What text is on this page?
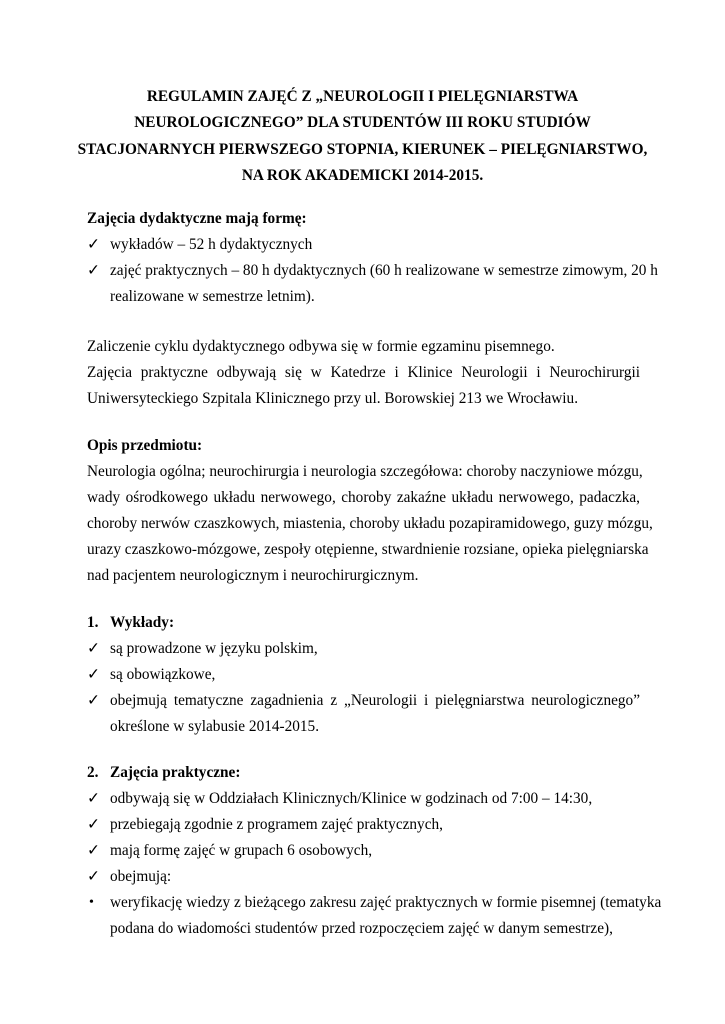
REGULAMIN ZAJĘĆ Z „NEUROLOGII I PIELĘGNIARSTWA
NEUROLOGICZNEGO” DLA STUDENTÓW III ROKU STUDIÓW
STACJONARNYCH PIERWSZEGO STOPNIA, KIERUNEK – PIELĘGNIARSTWO,
NA ROK AKADEMICKI 2014-2015.
Zajęcia dydaktyczne mają formę:
✓ wykładów – 52 h dydaktycznych
✓ zajęć praktycznych – 80 h dydaktycznych (60 h realizowane w semestrze zimowym, 20 h
realizowane w semestrze letnim).
Zaliczenie cyklu dydaktycznego odbywa się w formie egzaminu pisemnego.
Zajęcia praktyczne odbywają się w Katedrze i Klinice Neurologii i Neurochirurgii
Uniwersyteckiego Szpitala Klinicznego przy ul. Borowskiej 213 we Wrocławiu.
Opis przedmiotu:
Neurologia ogólna; neurochirurgia i neurologia szczegółowa: choroby naczyniowe mózgu,
wady ośrodkowego układu nerwowego, choroby zakaźne układu nerwowego, padaczka,
choroby nerwów czaszkowych, miastenia, choroby układu pozapiramidowego, guzy mózgu,
urazy czaszkowo-mózgowe, zespoły otępienne, stwardnienie rozsiane, opieka pielęgniarska
nad pacjentem neurologicznym i neurochirurgicznym.
1. Wykłady:
✓ są prowadzone w języku polskim,
✓ są obowiązkowe,
✓ obejmują tematyczne zagadnienia z „Neurologii i pielęgniarstwa neurologicznego”
określone w sylabusie 2014-2015.
2. Zajęcia praktyczne:
✓ odbywają się w Oddziałach Klinicznych/Klinice w godzinach od 7:00 – 14:30,
✓ przebiegają zgodnie z programem zajęć praktycznych,
✓ mają formę zajęć w grupach 6 osobowych,
✓ obejmują:
• weryfikację wiedzy z bieżącego zakresu zajęć praktycznych w formie pisemnej (tematyka
podana do wiadomości studentów przed rozpoczęciem zajęć w danym semestrze),
